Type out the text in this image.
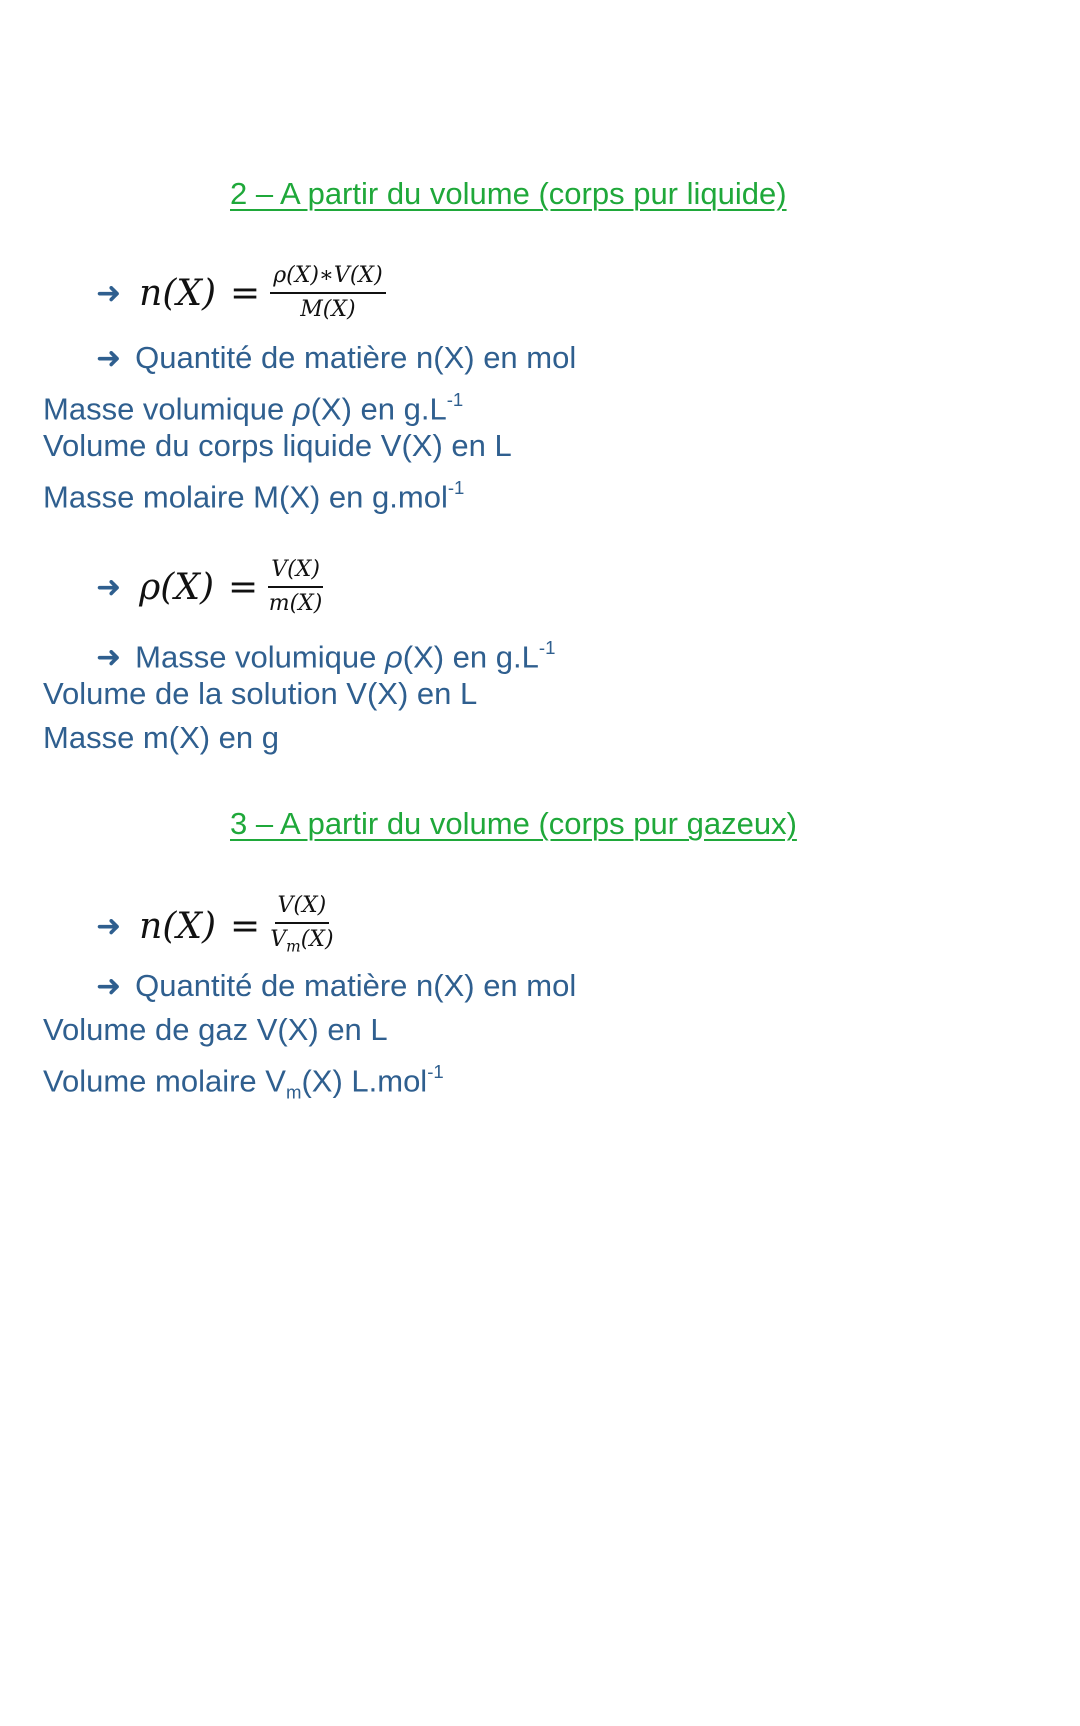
2 – A partir du volume (corps pur liquide)
➜ $n(X) = \frac{\rho(X)∗V(X)}{M(X)}$
➜ Quantité de matière n(X) en mol
Masse volumique ρ(X) en $g.L^{-1}$
Volume du corps liquide V(X) en L
Masse molaire M(X) en g.mol$^{-1}$
➜ $\rho(X) = \frac{V(X)}{m(X)}$
➜ Masse volumique ρ(X) en $g.L^{-1}$
Volume de la solution V(X) en L
Masse m(X) en g
3 – A partir du volume (corps pur gazeux)
➜ $n(X) = \frac{V(X)}{V_m(X)}$
➜ Quantité de matière n(X) en mol
Volume de gaz V(X) en L
Volume molaire $V_m(X)$ L.mol$^{-1}$
